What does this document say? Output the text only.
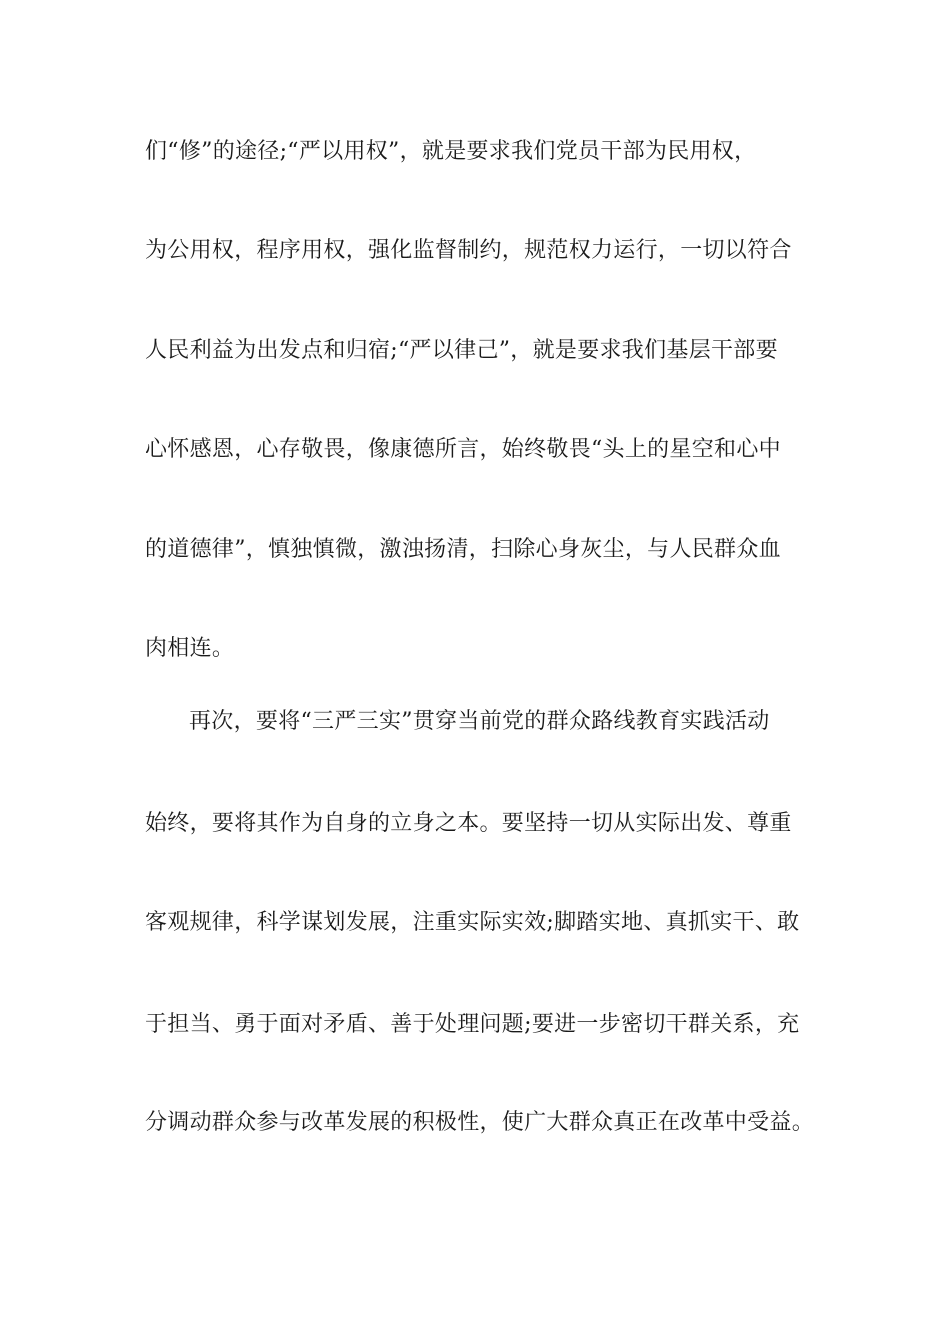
们“修”的途径;“严以用权”，就是要求我们党员干部为民用权，
为公用权，程序用权，强化监督制约，规范权力运行，一切以符合
人民利益为出发点和归宿;“严以律己”，就是要求我们基层干部要
心怀感恩，心存敬畏，像康德所言，始终敬畏“头上的星空和心中
的道德律”，慎独慎微，激浊扬清，扫除心身灰尘，与人民群众血
肉相连。
再次，要将“三严三实”贯穿当前党的群众路线教育实践活动
始终，要将其作为自身的立身之本。要坚持一切从实际出发、尊重
客观规律，科学谋划发展，注重实际实效;脚踏实地、真抓实干、敢
于担当、勇于面对矛盾、善于处理问题;要进一步密切干群关系，充
分调动群众参与改革发展的积极性，使广大群众真正在改革中受益。
